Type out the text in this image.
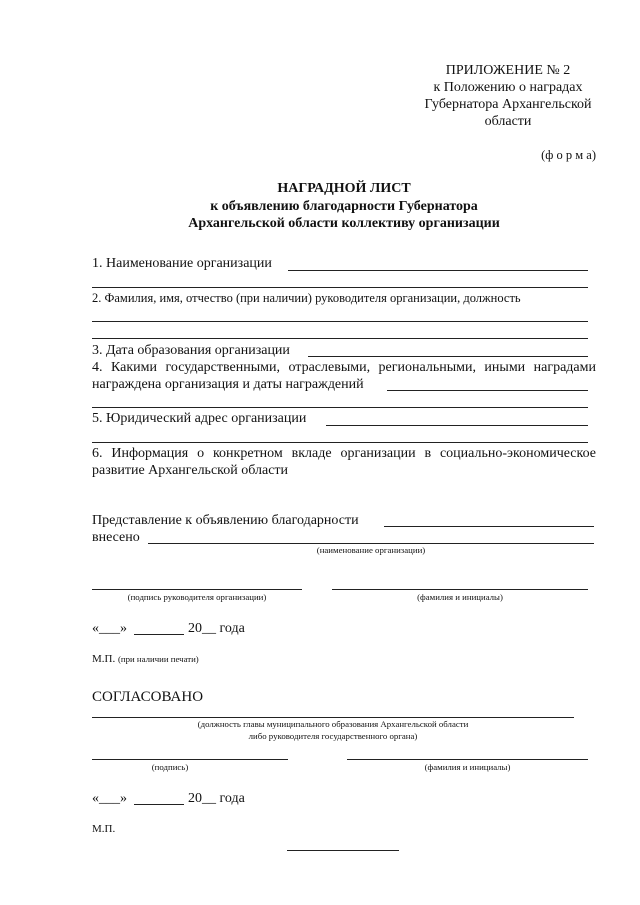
ПРИЛОЖЕНИЕ № 2
к Положению о наградах
Губернатора Архангельской
области
(ф о р м а)
НАГРАДНОЙ ЛИСТ
к объявлению благодарности Губернатора
Архангельской области коллективу организации
1. Наименование организации
2. Фамилия, имя, отчество (при наличии) руководителя организации, должность
3. Дата образования организации
4. Какими государственными, отраслевыми, региональными, иными наградами
награждена организация и даты награждений
5. Юридический адрес организации
6. Информация о конкретном вкладе организации в социально-экономическое
развитие Архангельской области
Представление к объявлению благодарности
внесено
(наименование организации)
(подпись руководителя организации)	(фамилия и инициалы)
«___»	20__ года
М.П. (при наличии печати)
СОГЛАСОВАНО
(должность главы муниципального образования Архангельской области
либо руководителя государственного органа)
(подпись)	(фамилия и инициалы)
«___»	20__ года
М.П.
